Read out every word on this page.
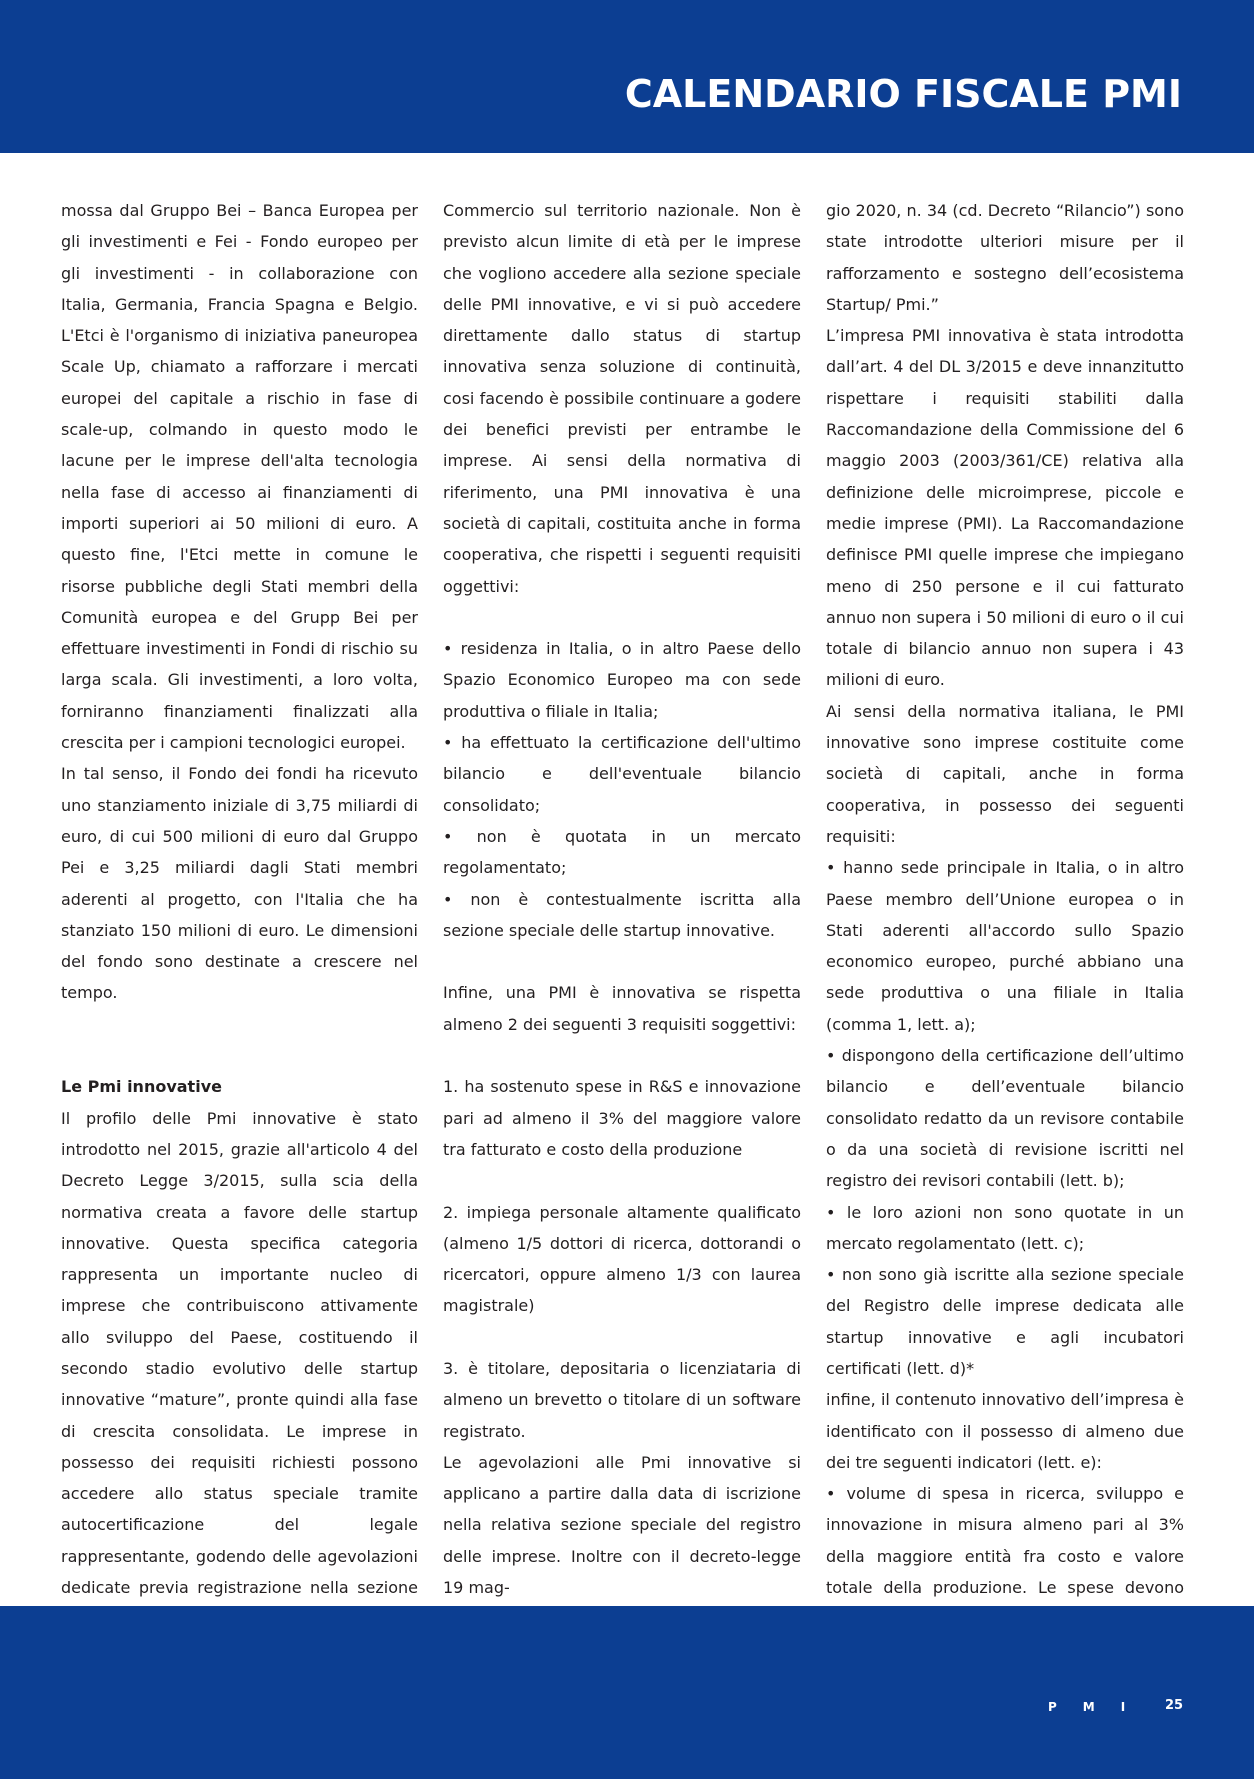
CALENDARIO FISCALE PMI

mossa dal Gruppo Bei – Banca Europea per gli investimenti e Fei - Fondo europeo per gli investimenti - in collaborazione con Italia, Germania, Francia Spagna e Belgio. L'Etci è l'organismo di iniziativa paneuropea Scale Up, chiamato a rafforzare i mercati europei del capitale a rischio in fase di scale-up, colmando in questo modo le lacune per le imprese dell'alta tecnologia nella fase di accesso ai finanziamenti di importi superiori ai 50 milioni di euro. A questo fine, l'Etci mette in comune le risorse pubbliche degli Stati membri della Comunità europea e del Grupp Bei per effettuare investimenti in Fondi di rischio su larga scala. Gli investimenti, a loro volta, forniranno finanziamenti finalizzati alla crescita per i campioni tecnologici europei.

In tal senso, il Fondo dei fondi ha ricevuto uno stanziamento iniziale di 3,75 miliardi di euro, di cui 500 milioni di euro dal Gruppo Pei e 3,25 miliardi dagli Stati membri aderenti al progetto, con l'Italia che ha stanziato 150 milioni di euro. Le dimensioni del fondo sono destinate a crescere nel tempo.

Le Pmi innovative

Il profilo delle Pmi innovative è stato introdotto nel 2015, grazie all'articolo 4 del Decreto Legge 3/2015, sulla scia della normativa creata a favore delle startup innovative. Questa specifica categoria rappresenta un importante nucleo di imprese che contribuiscono attivamente allo sviluppo del Paese, costituendo il secondo stadio evolutivo delle startup innovative “mature”, pronte quindi alla fase di crescita consolidata. Le imprese in possesso dei requisiti richiesti possono accedere allo status speciale tramite autocertificazione del legale rappresentante, godendo delle agevolazioni dedicate previa registrazione nella sezione

Commercio sul territorio nazionale. Non è previsto alcun limite di età per le imprese che vogliono accedere alla sezione speciale delle PMI innovative, e vi si può accedere direttamente dallo status di startup innovativa senza soluzione di continuità, cosi facendo è possibile continuare a godere dei benefici previsti per entrambe le imprese. Ai sensi della normativa di riferimento, una PMI innovativa è una società di capitali, costituita anche in forma cooperativa, che rispetti i seguenti requisiti oggettivi:

• residenza in Italia, o in altro Paese dello Spazio Economico Europeo ma con sede produttiva o filiale in Italia;

• ha effettuato la certificazione dell'ultimo bilancio e dell'eventuale bilancio consolidato;

• non è quotata in un mercato regolamentato;

• non è contestualmente iscritta alla sezione speciale delle startup innovative.

Infine, una PMI è innovativa se rispetta almeno 2 dei seguenti 3 requisiti soggettivi:

1. ha sostenuto spese in R&S e innovazione pari ad almeno il 3% del maggiore valore tra fatturato e costo della produzione

2. impiega personale altamente qualificato (almeno 1/5 dottori di ricerca, dottorandi o ricercatori, oppure almeno 1/3 con laurea magistrale)

3. è titolare, depositaria o licenziataria di almeno un brevetto o titolare di un software registrato.

Le agevolazioni alle Pmi innovative si applicano a partire dalla data di iscrizione nella relativa sezione speciale del registro delle imprese. Inoltre con il decreto-legge 19 mag-

gio 2020, n. 34 (cd. Decreto “Rilancio”) sono state introdotte ulteriori misure per il rafforzamento e sostegno dell’ecosistema Startup/ Pmi.”

L’impresa PMI innovativa è stata introdotta dall’art. 4 del DL 3/2015 e deve innanzitutto rispettare i requisiti stabiliti dalla Raccomandazione della Commissione del 6 maggio 2003 (2003/361/CE) relativa alla definizione delle microimprese, piccole e medie imprese (PMI). La Raccomandazione definisce PMI quelle imprese che impiegano meno di 250 persone e il cui fatturato annuo non supera i 50 milioni di euro o il cui totale di bilancio annuo non supera i 43 milioni di euro.

Ai sensi della normativa italiana, le PMI innovative sono imprese costituite come società di capitali, anche in forma cooperativa, in possesso dei seguenti requisiti:

• hanno sede principale in Italia, o in altro Paese membro dell’Unione europea o in Stati aderenti all'accordo sullo Spazio economico europeo, purché abbiano una sede produttiva o una filiale in Italia (comma 1, lett. a);

• dispongono della certificazione dell’ultimo bilancio e dell’eventuale bilancio consolidato redatto da un revisore contabile o da una società di revisione iscritti nel registro dei revisori contabili (lett. b);

• le loro azioni non sono quotate in un mercato regolamentato (lett. c);

• non sono già iscritte alla sezione speciale del Registro delle imprese dedicata alle startup innovative e agli incubatori certificati (lett. d)*

infine, il contenuto innovativo dell’impresa è identificato con il possesso di almeno due dei tre seguenti indicatori (lett. e):

• volume di spesa in ricerca, sviluppo e innovazione in misura almeno pari al 3% della maggiore entità fra costo e valore totale della produzione. Le spese devono

P M I	25
